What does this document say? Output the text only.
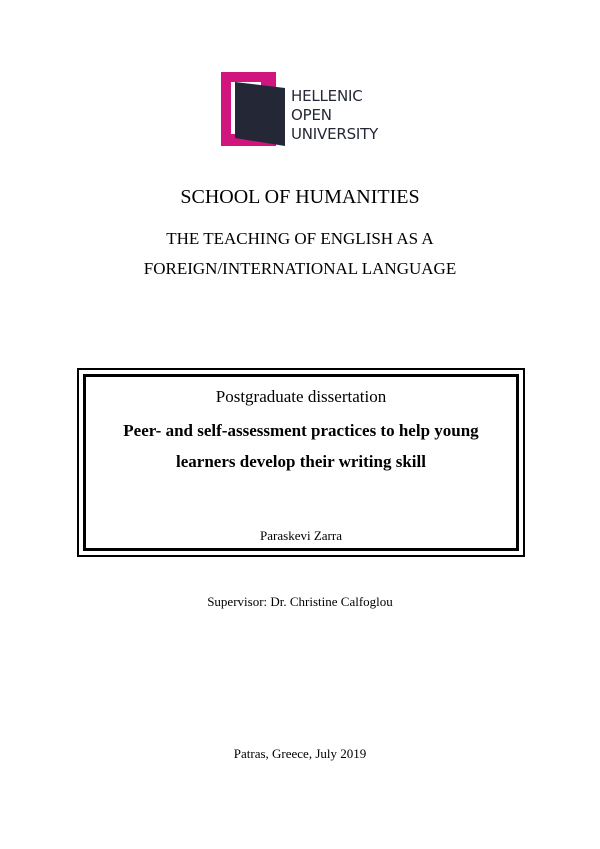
HELLENIC
OPEN
UNIVERSITY
SCHOOL OF HUMANITIES
THE TEACHING OF ENGLISH AS A
FOREIGN/INTERNATIONAL LANGUAGE
Postgraduate dissertation
Peer- and self-assessment practices to help young
learners develop their writing skill
Paraskevi Zarra
Supervisor: Dr. Christine Calfoglou
Patras, Greece, July 2019
